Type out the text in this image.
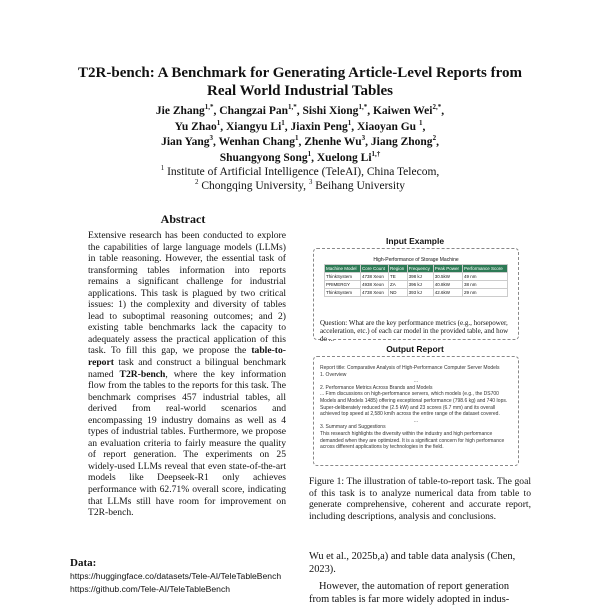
T2R-bench: A Benchmark for Generating Article-Level Reports from
Real World Industrial Tables
Jie Zhang$^{1,*}$, Changzai Pan$^{1,*}$, Sishi Xiong$^{1,*}$, Kaiwen Wei$^{2,*}$,
Yu Zhao$^1$, Xiangyu Li$^1$, Jiaxin Peng$^1$, Xiaoyan Gu $^1$,
Jian Yang$^3$, Wenhan Chang$^1$, Zhenhe Wu$^3$, Jiang Zhong$^2$,
Shuangyong Song$^1$, Xuelong $Li^{1,\dagger}$
$^1$ Institute of Artificial Intelligence (TeleAI), China Telecom,
$^2$ Chongqing University, $^3$ Beihang University
Abstract
Extensive research has been conducted to explore the capabilities of large language models (LLMs) in table reasoning. However, the essential task of transforming tables information into reports remains a significant challenge for industrial applications. This task is plagued by two critical issues: 1) the complexity and diversity of tables lead to suboptimal reasoning outcomes; and 2) existing table benchmarks lack the capacity to adequately assess the practical application of this task. To fill this gap, we propose the table-to-report task and construct a bilingual benchmark named T2R-bench, where the key information flow from the tables to the reports for this task. The benchmark comprises 457 industrial tables, all derived from real-world scenarios and encompassing 19 industry domains as well as 4 types of industrial tables. Furthermore, we propose an evaluation criteria to fairly measure the quality of report generation. The experiments on 25 widely-used LLMs reveal that even state-of-the-art models like Deepseek-R1 only achieves performance with 62.71% overall score, indicating that LLMs still have room for improvement on T2R-bench.
Data:
https://huggingface.co/datasets/Tele-AI/TeleTableBench
https://github.com/Tele-AI/TeleTableBench
Input Example
High-Performance of Storage Machine
Machine Model	Core Count	Region	Frequency	Peak Power	Performance Score
ThinkSystem	4738 Xeon	TE	398 kJ	30.5kW	49 nm
PRIMERGY	4938 Xeon	ZA	396 kJ	40.8kW	38 nm
ThinkSystem	4738 Xeon	ND	393 kJ	42.6kW	29 nm
Question: What are the key performance metrics (e.g., horsepower, acceleration, etc.) of each car model in the provided table, and how do ...
Output Report
Report title: Comparative Analysis of High-Performance Computer Server Models
1. Overview
...
2. Performance Metrics Across Brands and Models
... Firm discussions on high-performance servers, which models (e.g., the DS700
Models and Models 1485) offering exceptional performance (798.6 kg) and 740 Iops.
Super-deliberately reduced the (2.5 kW) and 23 scores (6.7 mm) and its overall
achieved top speed at 2,580 km/h across the entire range of the dataset covered.
...
3. Summary and Suggestions
This research highlights the diversity within the industry and high performance
demanded when they are optimized. It is a significant concern for high performance
across different applications by technologies in the field.
Figure 1: The illustration of table-to-report task. The goal of this task is to analyze numerical data from table to generate comprehensive, coherent and accurate report, including descriptions, analysis and conclusions.

Wu et al., 2025b,a) and table data analysis (Chen, 2023).

However, the automation of report generation from tables is far more widely adopted in indus-
